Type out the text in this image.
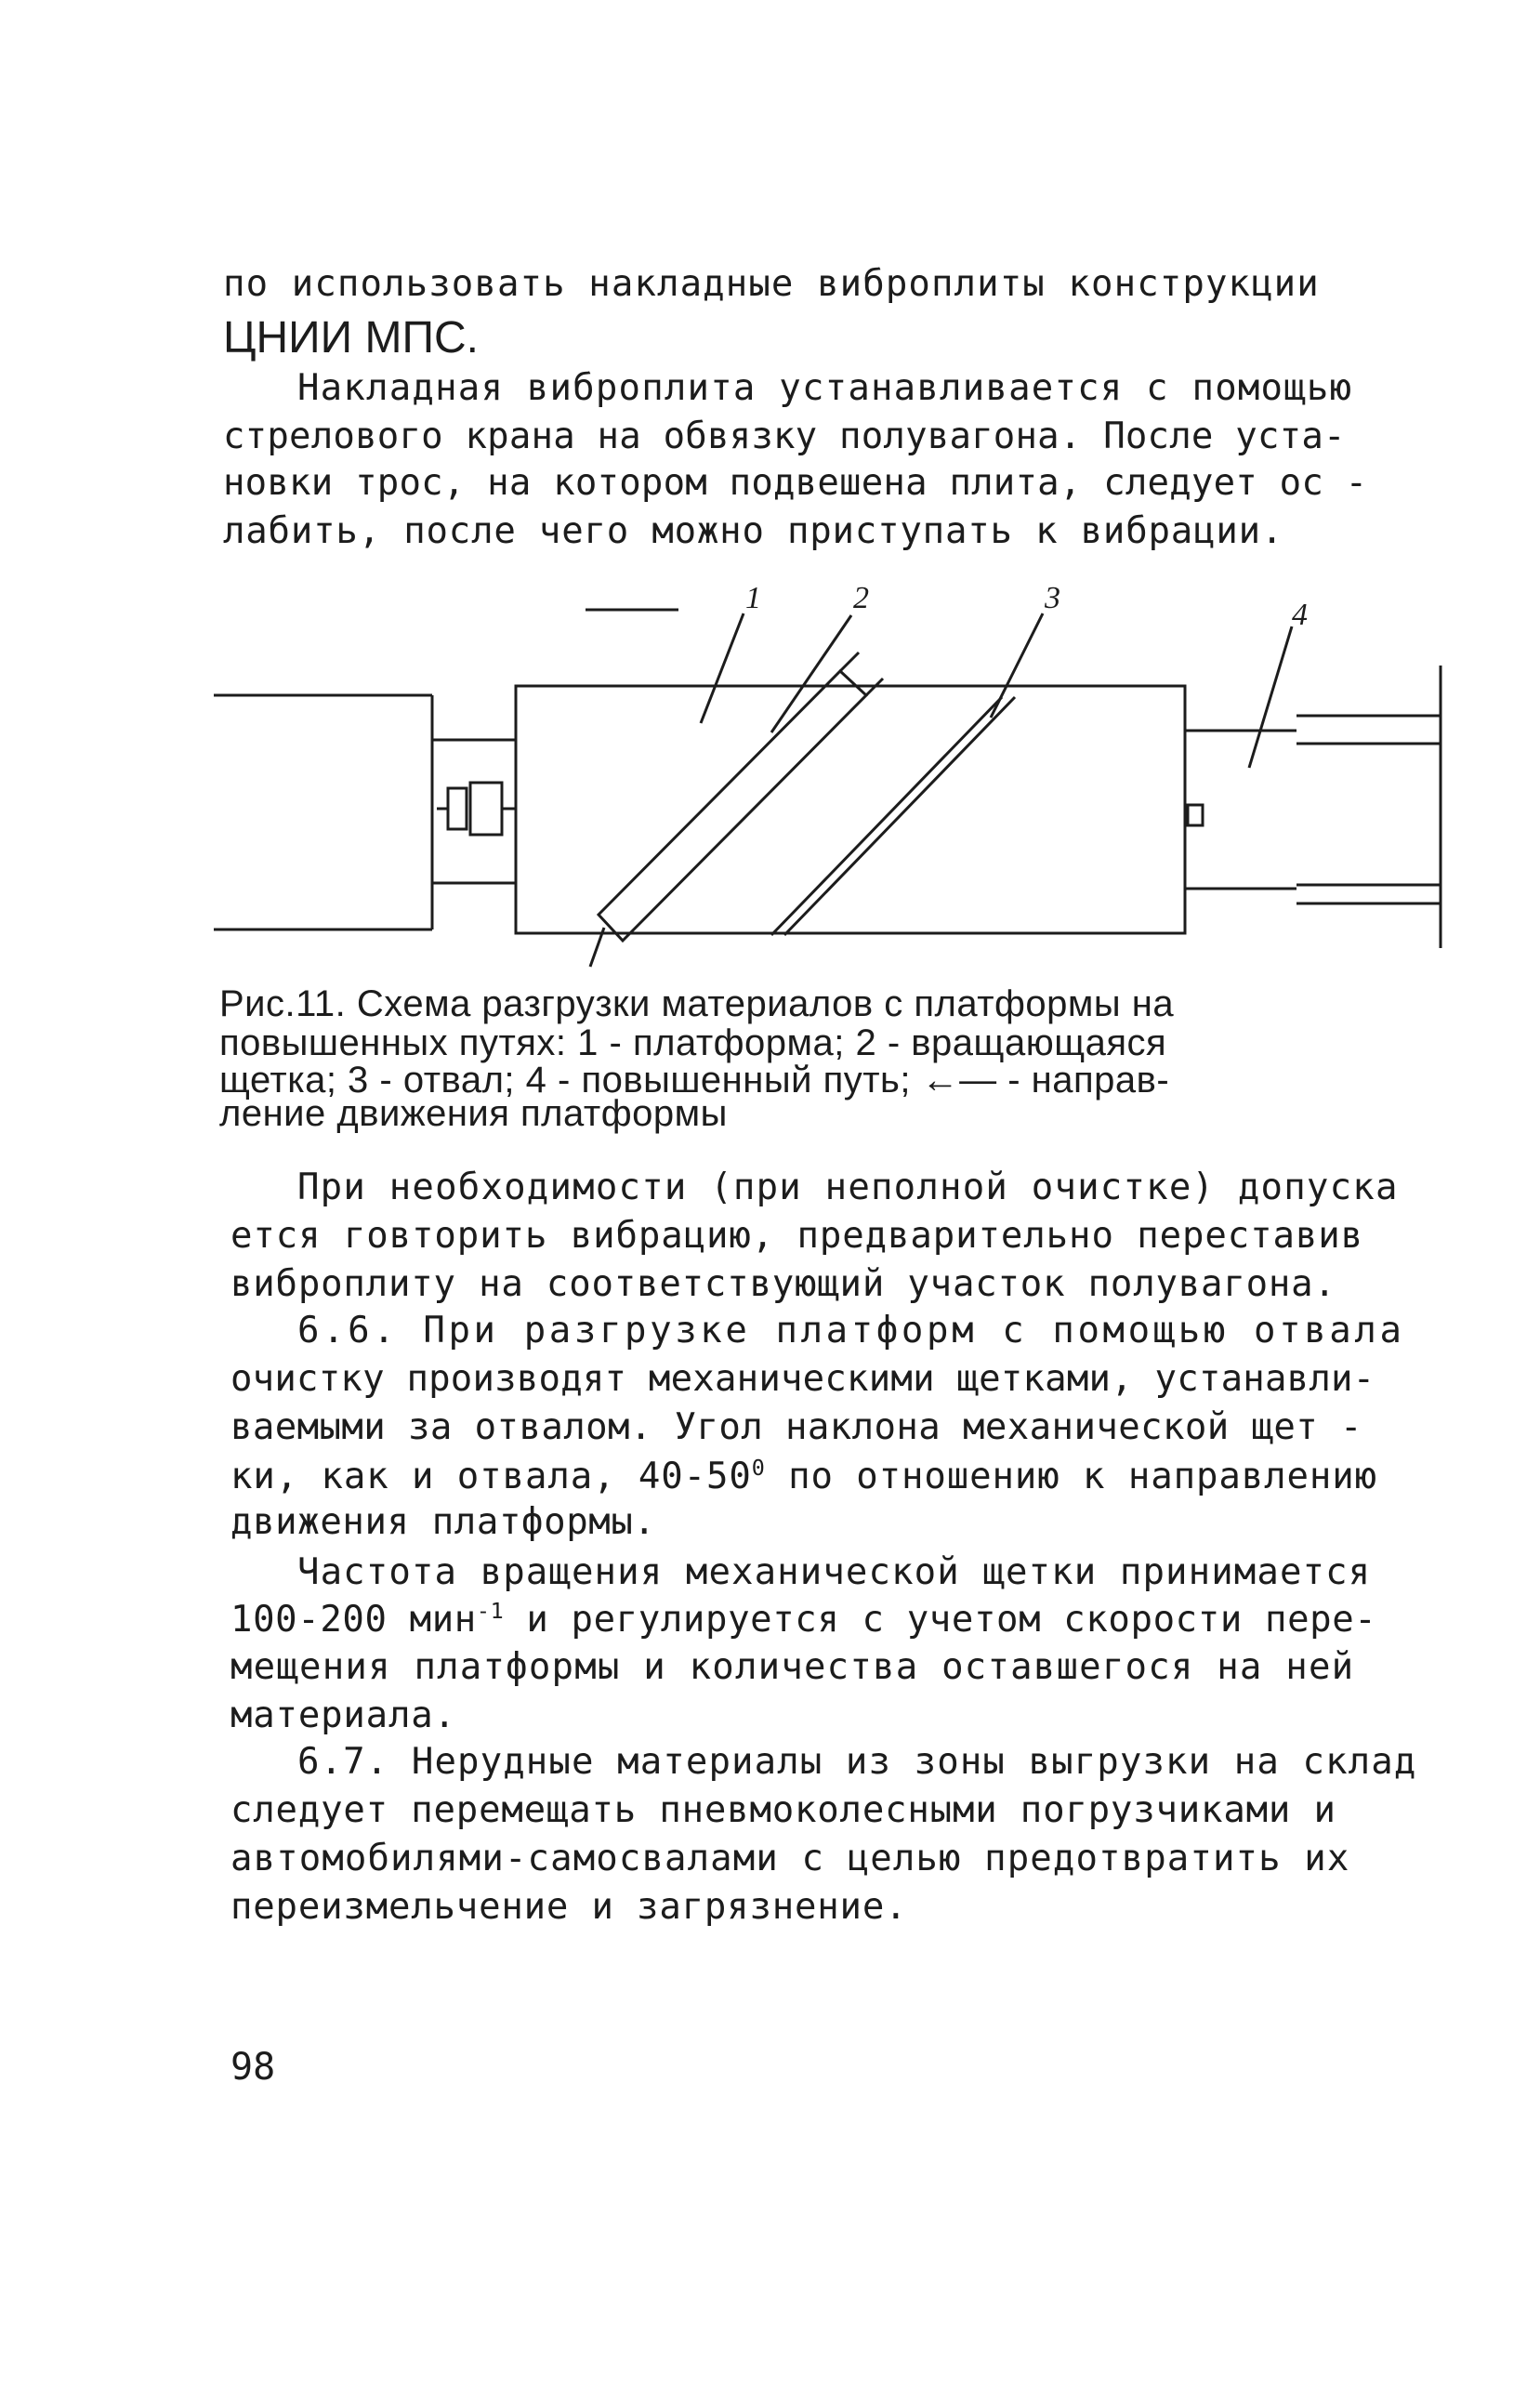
по использовать накладные виброплиты конструкции
ЦНИИ МПС.
Накладная виброплита устанавливается с помощью
стрелового крана на обвязку полувагона. После уста-
новки трос, на котором подвешена плита, следует ос -
лабить, после чего можно приступать к вибрации.
1	2	3	4
Рис.11. Схема разгрузки материалов с платформы на
повышенных путях: 1 - платформа; 2 - вращающаяся
щетка; 3 - отвал; 4 - повышенный путь; ←— - направ-
ление движения платформы
При необходимости (при неполной очистке) допуска
ется говторить вибрацию, предварительно переставив
виброплиту на соответствующий участок полувагона.
6.6. При разгрузке платформ с помощью отвала
очистку производят механическими щетками, устанавли-
ваемыми за отвалом. Угол наклона механической щет -
ки, как и отвала, $40-50^0$ по отношению к направлению
движения платформы.
Частота вращения механической щетки принимается
100-200 мин$^{-1}$ и регулируется с учетом скорости пере-
мещения платформы и количества оставшегося на ней
материала.
6.7. Нерудные материалы из зоны выгрузки на склад
следует перемещать пневмоколесными погрузчиками и
автомобилями-самосвалами с целью предотвратить их
переизмельчение и загрязнение.
98
